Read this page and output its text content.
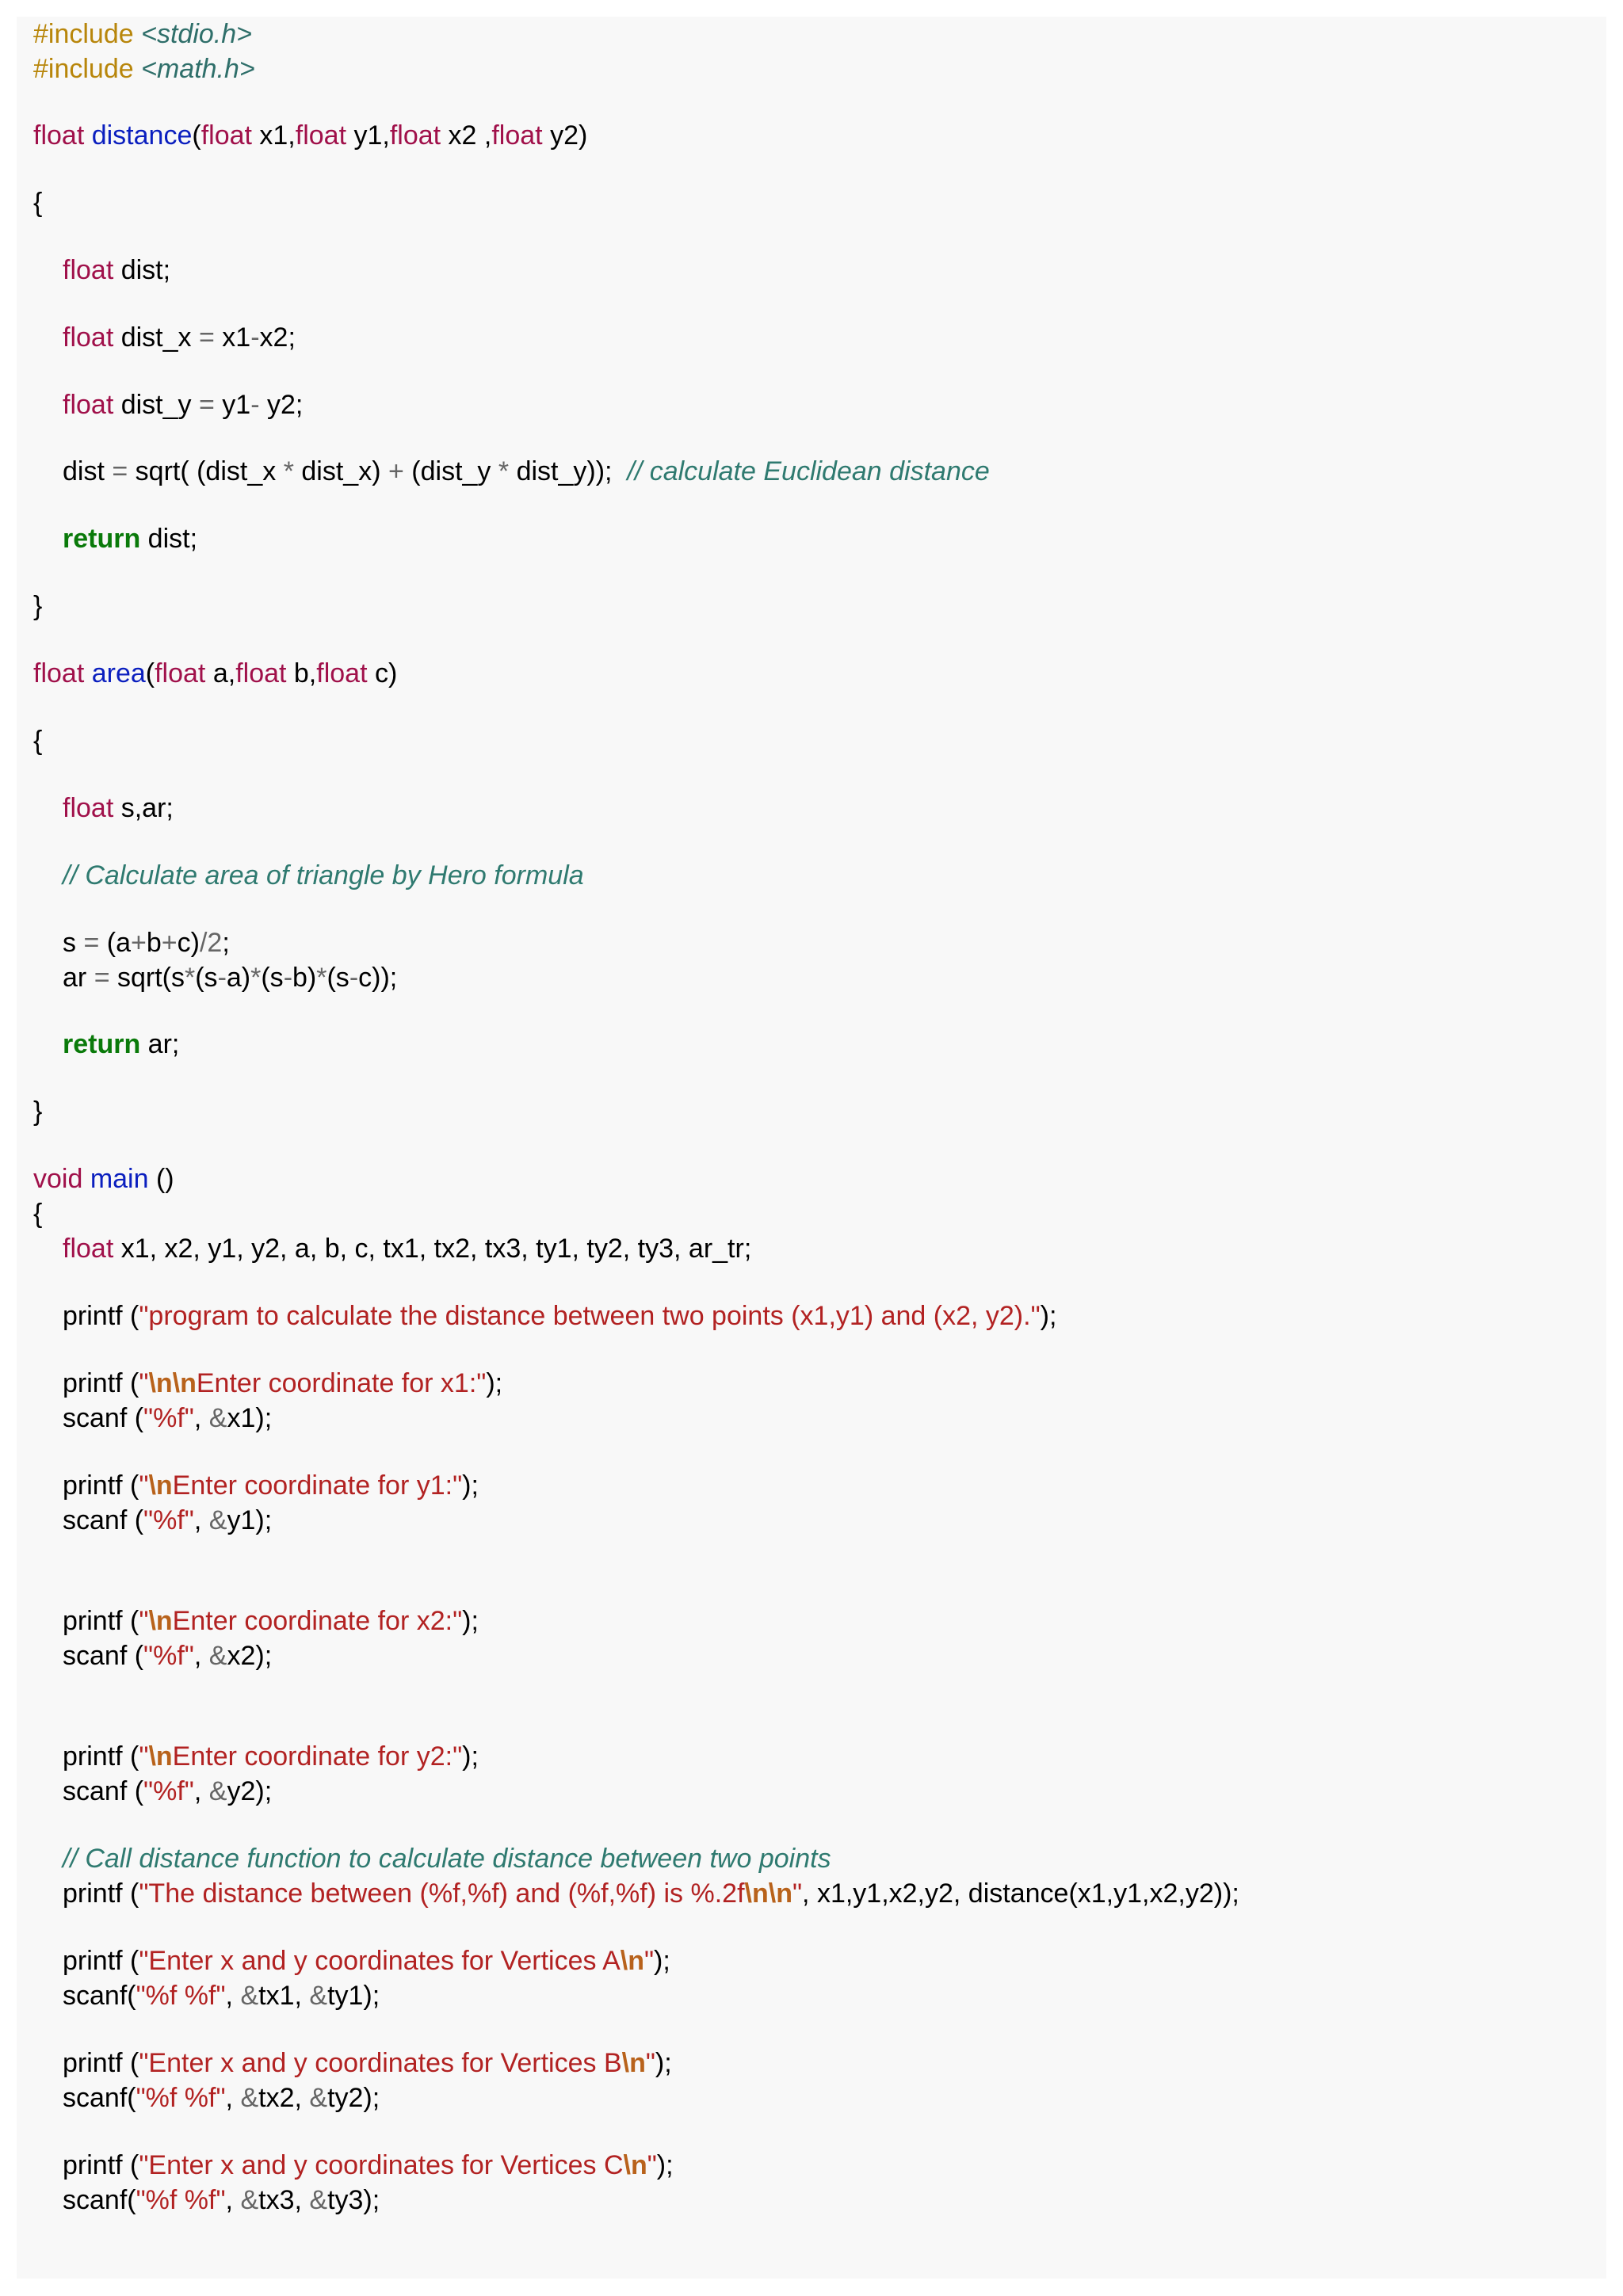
#include <stdio.h>
#include <math.h>
float distance(float x1,float y1,float x2 ,float y2)
{
float dist;
float dist_x = x1-x2;
float dist_y = y1- y2;
dist = sqrt( (dist_x * dist_x) + (dist_y * dist_y));  // calculate Euclidean distance
return dist;
}
float area(float a,float b,float c)
{
float s,ar;
// Calculate area of triangle by Hero formula
s = (a+b+c)/2;
ar = sqrt(s*(s-a)*(s-b)*(s-c));
return ar;
}
void main ()
{
float x1, x2, y1, y2, a, b, c, tx1, tx2, tx3, ty1, ty2, ty3, ar_tr;
printf ("program to calculate the distance between two points (x1,y1) and (x2, y2).");
printf ("\n\nEnter coordinate for x1:");
scanf ("%f", &x1);
printf ("\nEnter coordinate for y1:");
scanf ("%f", &y1);
printf ("\nEnter coordinate for x2:");
scanf ("%f", &x2);
printf ("\nEnter coordinate for y2:");
scanf ("%f", &y2);
// Call distance function to calculate distance between two points
printf ("The distance between (%f,%f) and (%f,%f) is %.2f\n\n", x1,y1,x2,y2, distance(x1,y1,x2,y2));
printf ("Enter x and y coordinates for Vertices A\n");
scanf("%f %f", &tx1, &ty1);
printf ("Enter x and y coordinates for Vertices B\n");
scanf("%f %f", &tx2, &ty2);
printf ("Enter x and y coordinates for Vertices C\n");
scanf("%f %f", &tx3, &ty3);
